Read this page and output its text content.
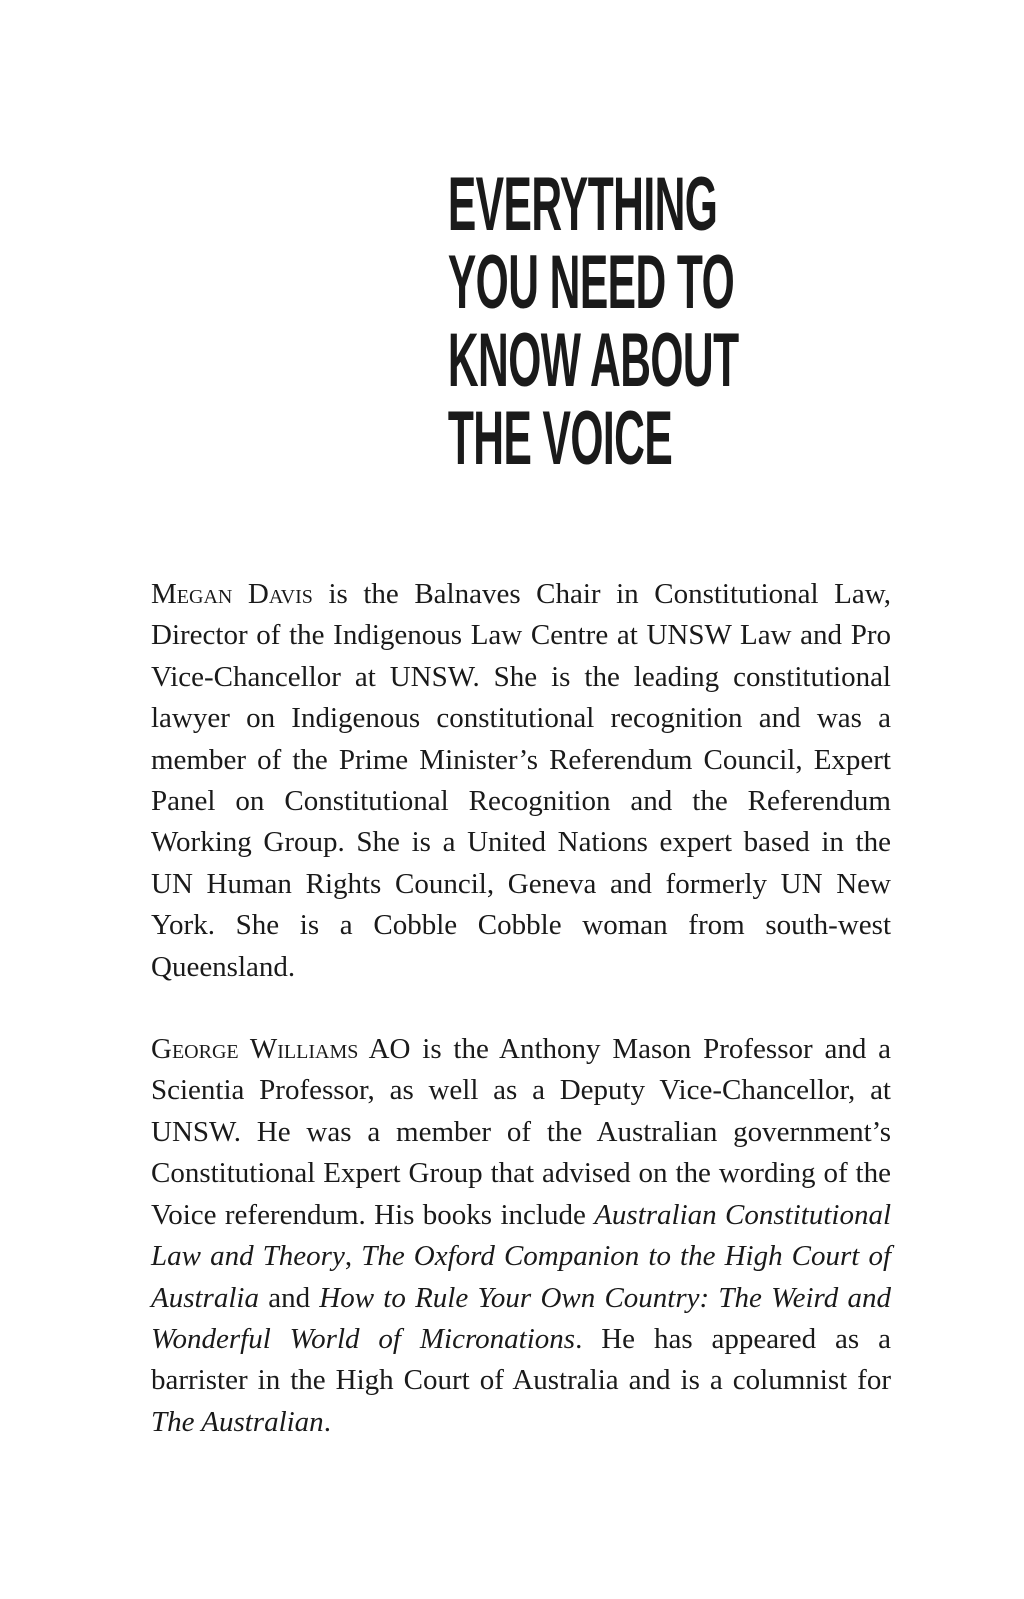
EVERYTHING
YOU NEED TO
KNOW ABOUT
THE VOICE

Megan Davis is the Balnaves Chair in Constitutional Law, Director of the Indigenous Law Centre at UNSW Law and Pro Vice-Chancellor at UNSW. She is the leading constitutional lawyer on Indigenous constitutional recognition and was a member of the Prime Minister’s Referendum Council, Expert Panel on Constitutional Recognition and the Referendum Working Group. She is a United Nations expert based in the UN Human Rights Council, Geneva and formerly UN New York. She is a Cobble Cobble woman from south-west Queensland.

George Williams AO is the Anthony Mason Professor and a Scientia Professor, as well as a Deputy Vice-Chancellor, at UNSW. He was a member of the Australian government’s Constitutional Expert Group that advised on the wording of the Voice referendum. His books include Australian Constitutional Law and Theory, The Oxford Companion to the High Court of Australia and How to Rule Your Own Country: The Weird and Wonderful World of Micronations. He has appeared as a barrister in the High Court of Australia and is a columnist for The Australian.
